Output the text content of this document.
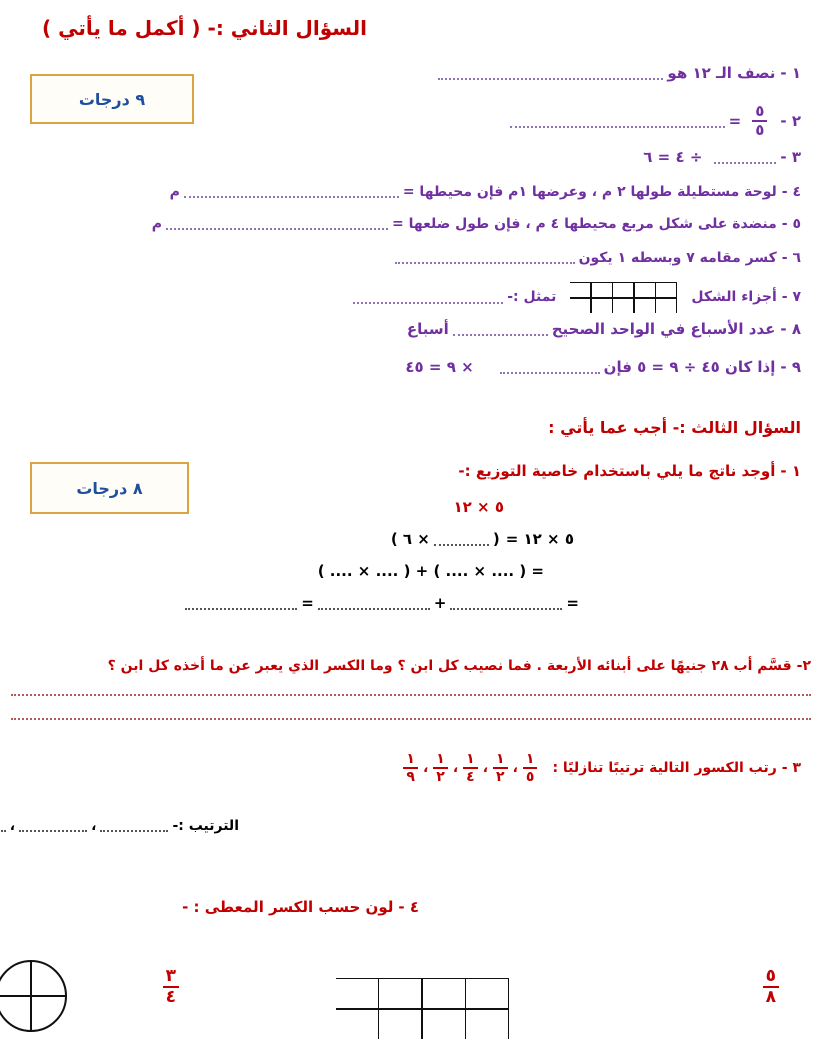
السؤال الثاني :- ( أكمل ما يأتي )
٩ درجات
١ -
نصف الـ ١٢ هو
٢ -
$\frac{٥}{٥}$
=
٣ -
÷ ٤ = ٦
٤ -
لوحة مستطيلة طولها ٢ م ، وعرضها ١م فإن محيطها =
م
٥ -
منضدة على شكل مربع محيطها ٤ م ، فإن طول ضلعها =
م
٦ -
كسر مقامه ٧ وبسطه ١ يكون
٧ -
أجزاء الشكل
تمثل :-
٨ -
عدد الأسباع في الواحد الصحيح
أسباع
٩ -
إذا كان ٤٥ ÷ ٩ = ٥ فإن
× ٩ = ٤٥
السؤال الثالث :- أجب عما يأتي :
٨ درجات
١ -
أوجد ناتج ما يلي باستخدام خاصية التوزيع :-
٥ × ١٢
٥ × ١٢ =
(
× ٦ )
= ( .... × .... ) + ( .... × .... )
=
+
=
٢-
قسَّم أب ٢٨ جنيهًا على أبنائه الأربعة . فما نصيب كل ابن ؟ وما الكسر الذي يعبر عن ما أخذه كل ابن ؟
٣ -
رتب الكسور التالية ترتيبًا تنازليًا :
$\frac{١}{٥}$
،
$\frac{١}{٢}$
،
$\frac{١}{٤}$
،
$\frac{١}{٢}$
،
$\frac{١}{٩}$
الترتيب :-
،
،
٤ -
لون حسب الكسر المعطى : -
$\frac{٥}{٨}$
$\frac{٣}{٤}$
